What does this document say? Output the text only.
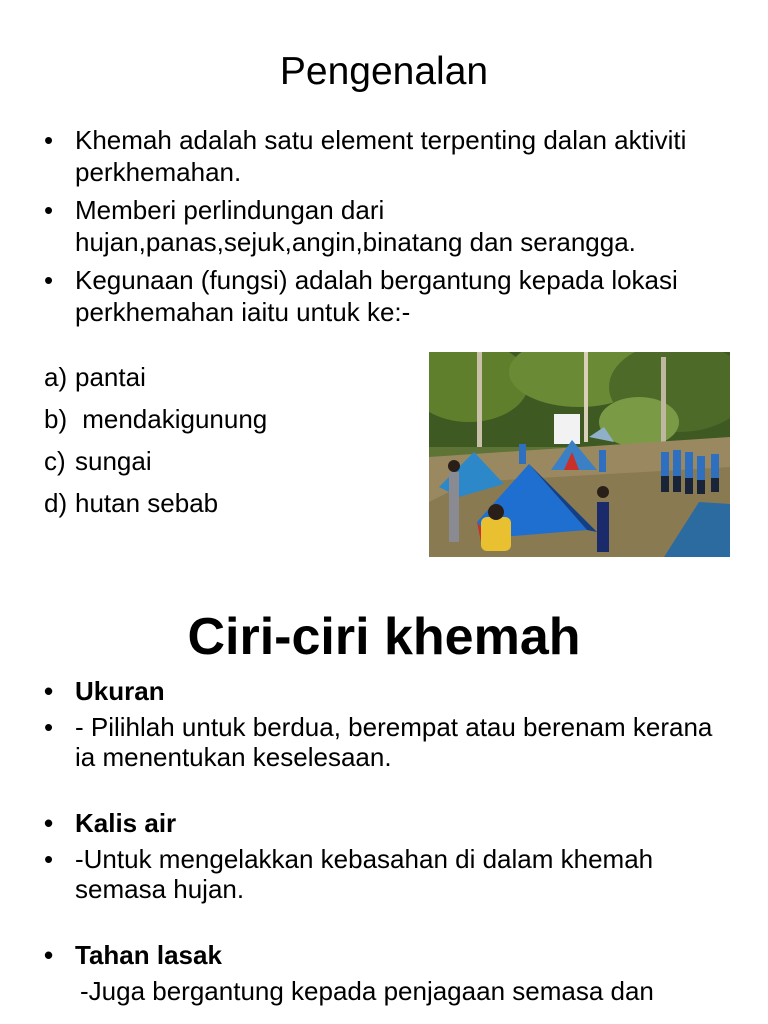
Pengenalan
• Khemah adalah satu element terpenting dalan aktiviti perkhemahan.
• Memberi perlindungan dari hujan,panas,sejuk,angin,binatang dan serangga.
• Kegunaan (fungsi) adalah bergantung kepada lokasi perkhemahan iaitu untuk ke:-
a) pantai
b) mendakigunung
c) sungai
d) hutan sebab
Ciri-ciri khemah
• Ukuran
• - Pilihlah untuk berdua, berempat atau berenam kerana ia menentukan keselesaan.
• Kalis air
• -Untuk mengelakkan kebasahan di dalam khemah semasa hujan.
• Tahan lasak
-Juga bergantung kepada penjagaan semasa dan
